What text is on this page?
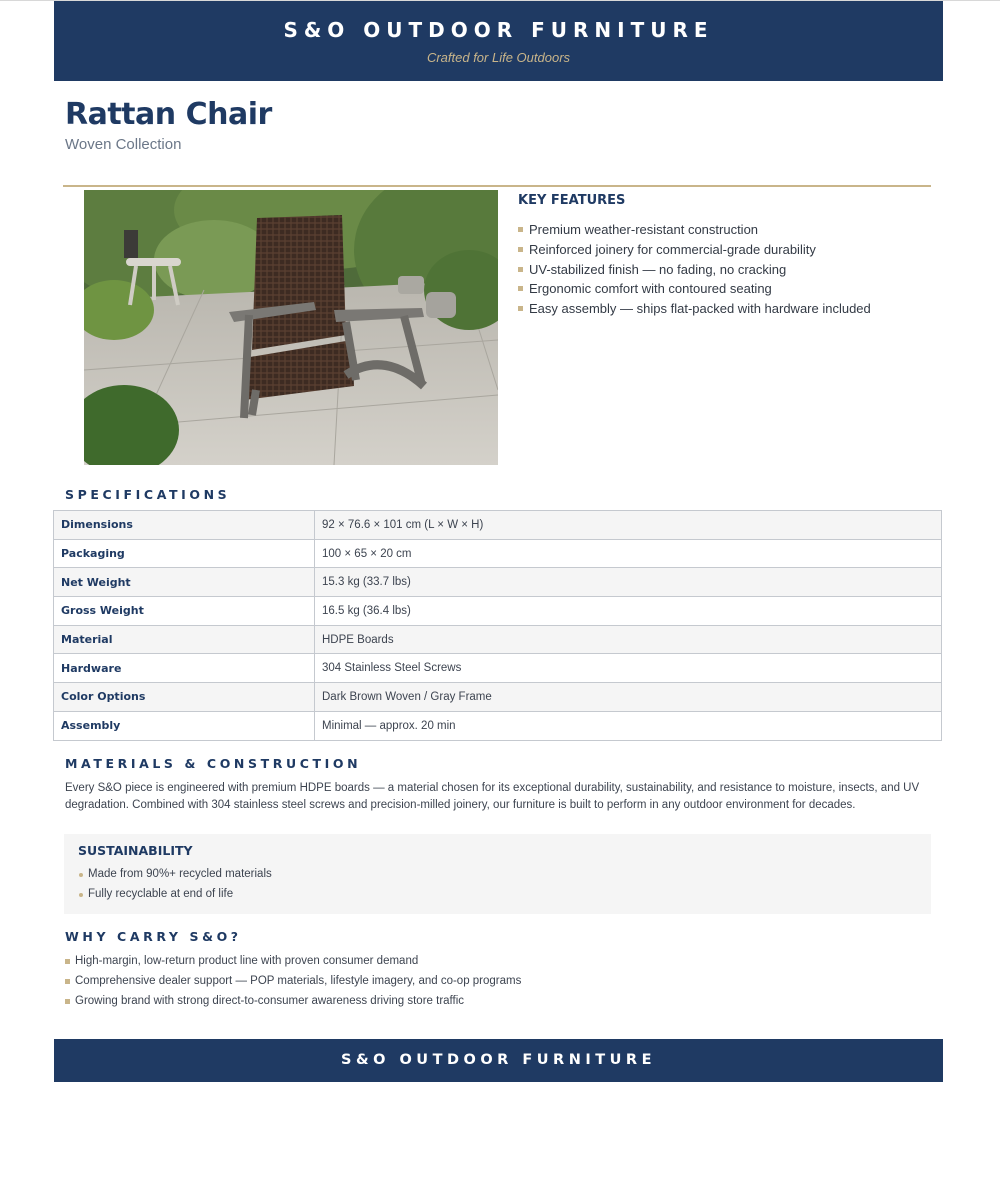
S&O OUTDOOR FURNITURE
Crafted for Life Outdoors
Rattan Chair
Woven Collection
KEY FEATURES
Premium weather-resistant construction
Reinforced joinery for commercial-grade durability
UV-stabilized finish — no fading, no cracking
Ergonomic comfort with contoured seating
Easy assembly — ships flat-packed with hardware included
SPECIFICATIONS
Dimensions	92 × 76.6 × 101 cm (L × W × H)
Packaging	100 × 65 × 20 cm
Net Weight	15.3 kg (33.7 lbs)
Gross Weight	16.5 kg (36.4 lbs)
Material	HDPE Boards
Hardware	304 Stainless Steel Screws
Color Options	Dark Brown Woven / Gray Frame
Assembly	Minimal — approx. 20 min
MATERIALS & CONSTRUCTION

Every S&O piece is engineered with premium HDPE boards — a material chosen for its exceptional durability, sustainability, and resistance to moisture, insects, and UV degradation. Combined with 304 stainless steel screws and precision-milled joinery, our furniture is built to perform in any outdoor environment for decades.

SUSTAINABILITY
Made from 90%+ recycled materials
Fully recyclable at end of life
WHY CARRY S&O?
High-margin, low-return product line with proven consumer demand
Comprehensive dealer support — POP materials, lifestyle imagery, and co-op programs
Growing brand with strong direct-to-consumer awareness driving store traffic
S&O OUTDOOR FURNITURE
